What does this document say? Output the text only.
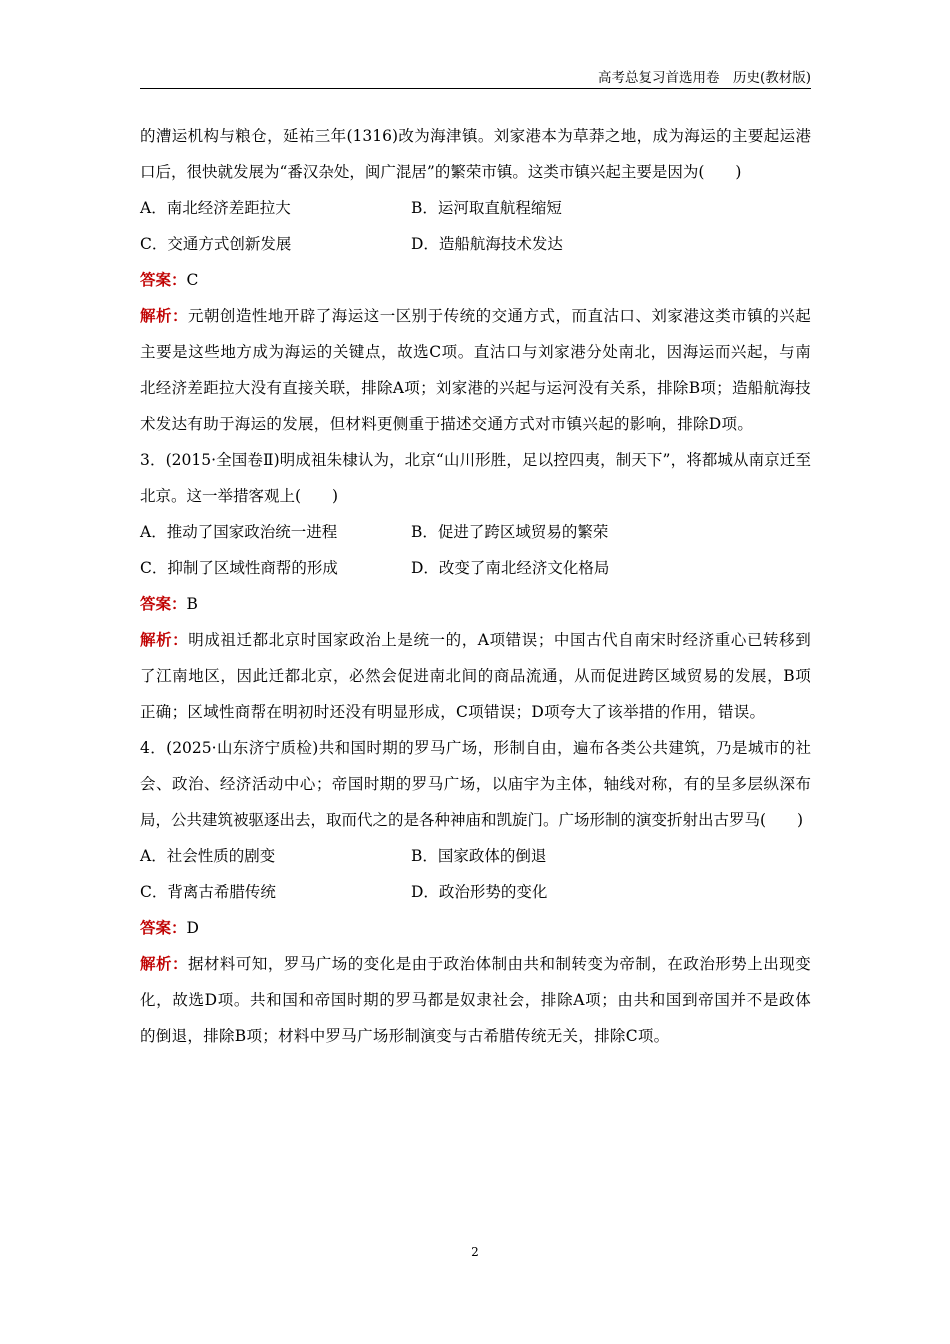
高考总复习首选用卷　历史(教材版)

的漕运机构与粮仓，延祐三年(1316)改为海津镇。刘家港本为草莽之地，成为海运的主要起运港口后，很快就发展为“番汉杂处，闽广混居”的繁荣市镇。这类市镇兴起主要是因为(　　)

A．南北经济差距拉大	B．运河取直航程缩短
C．交通方式创新发展	D．造船航海技术发达

答案：C

解析：元朝创造性地开辟了海运这一区别于传统的交通方式，而直沽口、刘家港这类市镇的兴起主要是这些地方成为海运的关键点，故选C项。直沽口与刘家港分处南北，因海运而兴起，与南北经济差距拉大没有直接关联，排除A项；刘家港的兴起与运河没有关系，排除B项；造船航海技术发达有助于海运的发展，但材料更侧重于描述交通方式对市镇兴起的影响，排除D项。

3．(2015·全国卷Ⅱ)明成祖朱棣认为，北京“山川形胜，足以控四夷，制天下”，将都城从南京迁至北京。这一举措客观上(　　)

A．推动了国家政治统一进程	B．促进了跨区域贸易的繁荣
C．抑制了区域性商帮的形成	D．改变了南北经济文化格局

答案：B

解析：明成祖迁都北京时国家政治上是统一的，A项错误；中国古代自南宋时经济重心已转移到了江南地区，因此迁都北京，必然会促进南北间的商品流通，从而促进跨区域贸易的发展，B项正确；区域性商帮在明初时还没有明显形成，C项错误；D项夸大了该举措的作用，错误。

4．(2025·山东济宁质检)共和国时期的罗马广场，形制自由，遍布各类公共建筑，乃是城市的社会、政治、经济活动中心；帝国时期的罗马广场，以庙宇为主体，轴线对称，有的呈多层纵深布局，公共建筑被驱逐出去，取而代之的是各种神庙和凯旋门。广场形制的演变折射出古罗马(　　)

A．社会性质的剧变	B．国家政体的倒退
C．背离古希腊传统	D．政治形势的变化

答案：D

解析：据材料可知，罗马广场的变化是由于政治体制由共和制转变为帝制，在政治形势上出现变化，故选D项。共和国和帝国时期的罗马都是奴隶社会，排除A项；由共和国到帝国并不是政体的倒退，排除B项；材料中罗马广场形制演变与古希腊传统无关，排除C项。

2
